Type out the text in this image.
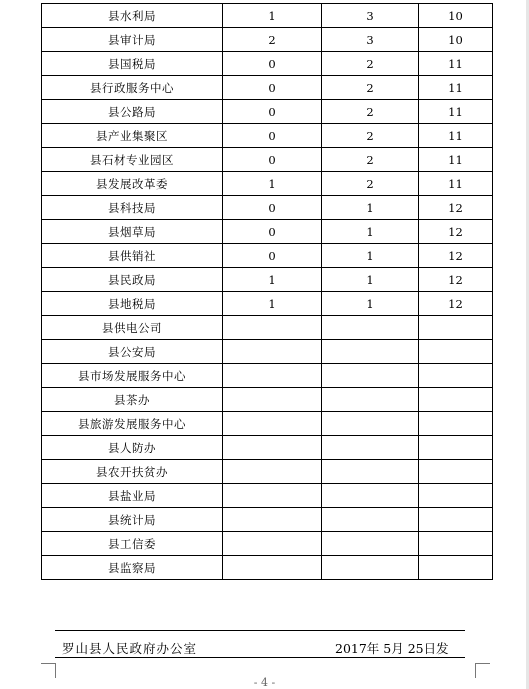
县水利局	1	3	10
县审计局	2	3	10
县国税局	0	2	11
县行政服务中心	0	2	11
县公路局	0	2	11
县产业集聚区	0	2	11
县石材专业园区	0	2	11
县发展改革委	1	2	11
县科技局	0	1	12
县烟草局	0	1	12
县供销社	0	1	12
县民政局	1	1	12
县地税局	1	1	12
县供电公司			
县公安局			
县市场发展服务中心			
县茶办			
县旅游发展服务中心			
县人防办			
县农开扶贫办			
县盐业局			
县统计局			
县工信委			
县监察局			
罗山县人民政府办公室	2017年 5月 25日发
- 4 -
